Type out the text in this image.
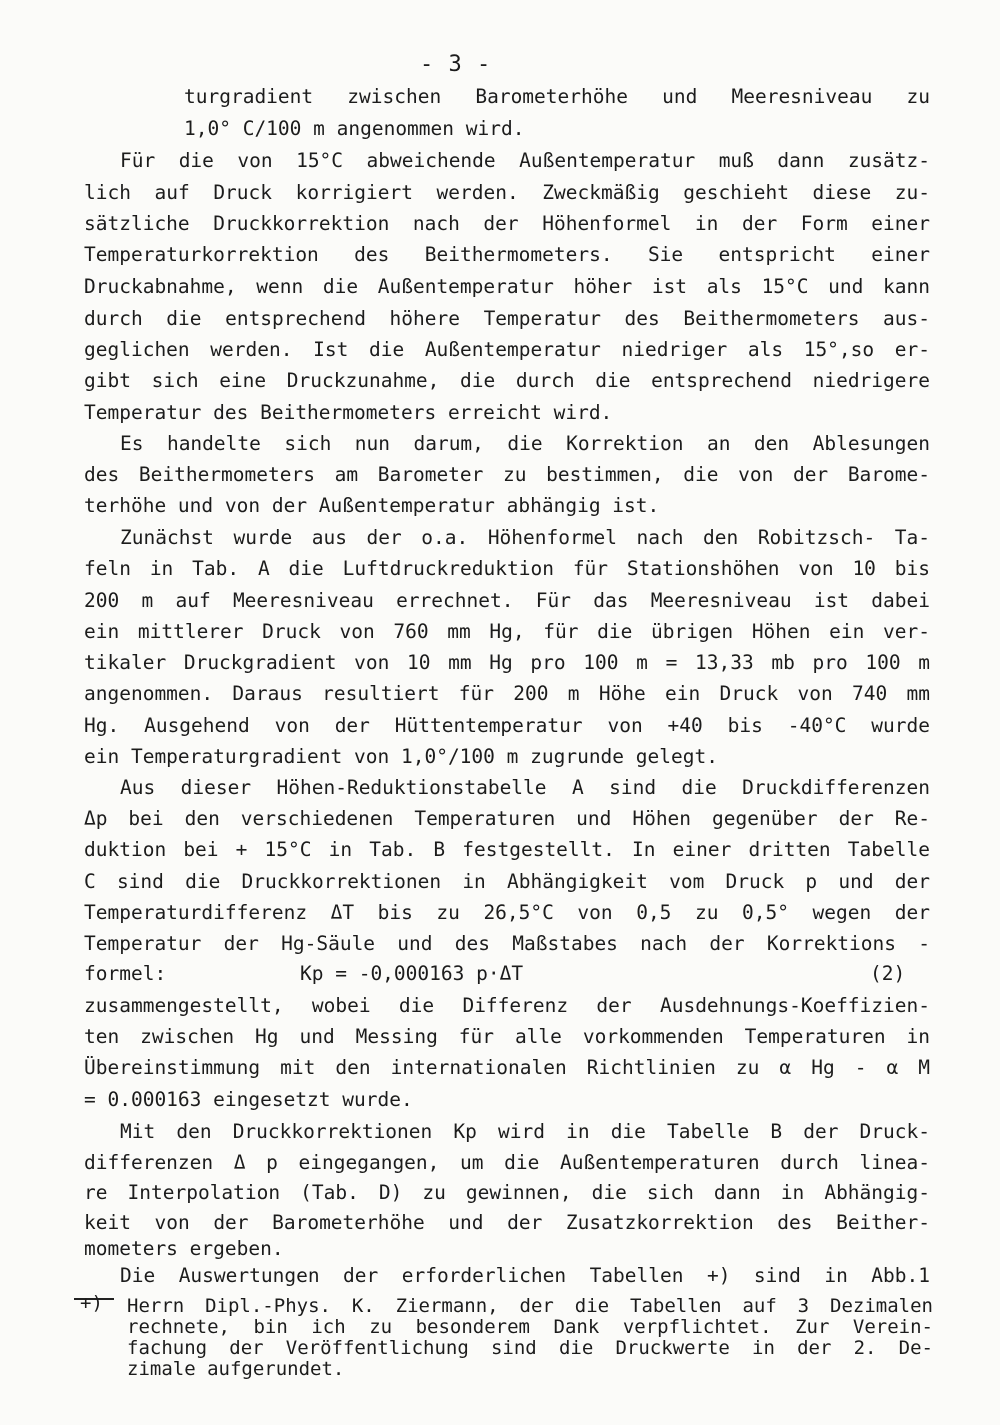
- 3 -
turgradient zwischen Barometerhöhe und Meeresniveau zu
1,0° C/100 m angenommen wird.
Für die von 15°C abweichende Außentemperatur muß dann zusätz-
lich auf Druck korrigiert werden. Zweckmäßig geschieht diese zu-
sätzliche Druckkorrektion nach der Höhenformel in der Form einer
Temperaturkorrektion des Beithermometers. Sie entspricht einer
Druckabnahme, wenn die Außentemperatur höher ist als 15°C und kann
durch die entsprechend höhere Temperatur des Beithermometers aus-
geglichen werden. Ist die Außentemperatur niedriger als 15°,so er-
gibt sich eine Druckzunahme, die durch die entsprechend niedrigere
Temperatur des Beithermometers erreicht wird.
Es handelte sich nun darum, die Korrektion an den Ablesungen
des Beithermometers am Barometer zu bestimmen, die von der Barome-
terhöhe und von der Außentemperatur abhängig ist.
Zunächst wurde aus der o.a. Höhenformel nach den Robitzsch- Ta-
feln in Tab. A die Luftdruckreduktion für Stationshöhen von 10 bis
200 m auf Meeresniveau errechnet. Für das Meeresniveau ist dabei
ein mittlerer Druck von 760 mm Hg, für die übrigen Höhen ein ver-
tikaler Druckgradient von 10 mm Hg pro 100 m = 13,33 mb pro 100 m
angenommen. Daraus resultiert für 200 m Höhe ein Druck von 740 mm
Hg. Ausgehend von der Hüttentemperatur von +40 bis -40°C wurde
ein Temperaturgradient von 1,0°/100 m zugrunde gelegt.
Aus dieser Höhen-Reduktionstabelle A sind die Druckdifferenzen
Δp bei den verschiedenen Temperaturen und Höhen gegenüber der Re-
duktion bei + 15°C in Tab. B festgestellt. In einer dritten Tabelle
C sind die Druckkorrektionen in Abhängigkeit vom Druck p und der
Temperaturdifferenz ΔT bis zu 26,5°C von 0,5 zu 0,5° wegen der
Temperatur der Hg-Säule und des Maßstabes nach der Korrektions -
formel:	Kp = -0,000163 p·ΔT	(2)
zusammengestellt, wobei die Differenz der Ausdehnungs-Koeffizien-
ten zwischen Hg und Messing für alle vorkommenden Temperaturen in
Übereinstimmung mit den internationalen Richtlinien zu α Hg - α M
= 0.000163 eingesetzt wurde.
Mit den Druckkorrektionen Kp wird in die Tabelle B der Druck-
differenzen Δ p eingegangen, um die Außentemperaturen durch linea-
re Interpolation (Tab. D) zu gewinnen, die sich dann in Abhängig-
keit von der Barometerhöhe und der Zusatzkorrektion des Beither-
mometers ergeben.
Die Auswertungen der erforderlichen Tabellen +) sind in Abb.1
+) Herrn Dipl.-Phys. K. Ziermann, der die Tabellen auf 3 Dezimalen
rechnete, bin ich zu besonderem Dank verpflichtet. Zur Verein-
fachung der Veröffentlichung sind die Druckwerte in der 2. De-
zimale aufgerundet.
